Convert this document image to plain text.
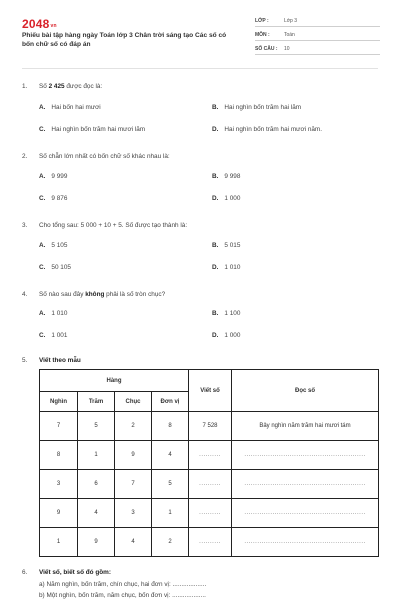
2048vn
Phiếu bài tập hàng ngày Toán lớp 3 Chân trời sáng tạo Các số có bốn chữ số có đáp án
LỚP :	Lớp 3
MÔN :	Toán
SỐ CÂU : 10
1. Số 2 425 được đọc là:
A. Hai bốn hai mươi	B. Hai nghìn bốn trăm hai lăm
C. Hai nghìn bốn trăm hai mươi lăm	D. Hai nghìn bốn trăm hai mươi năm.
2. Số chẵn lớn nhất có bốn chữ số khác nhau là:
A. 9 999	B. 9 998
C. 9 876	D. 1 000
3. Cho tổng sau: 5 000 + 10 + 5. Số được tạo thành là:
A. 5 105	B. 5 015
C. 50 105	D. 1 010
4. Số nào sau đây không phải là số tròn chục?
A. 1 010	B. 1 100
C. 1 001	D. 1 000
5. Viết theo mẫu
Hàng				Viết số	Đọc số
Nghìn	Trăm	Chục	Đơn vị		
7	5	2	8	7 528	Bảy nghìn năm trăm hai mươi tám
8	1	9	4	..........	........................................................
3	6	7	5	..........	........................................................
9	4	3	1	..........	........................................................
1	9	4	2	..........	........................................................
6. Viết số, biết số đó gồm:
a) Năm nghìn, bốn trăm, chín chục, hai đơn vị: ...................
b) Một nghìn, bốn trăm, năm chục, bốn đơn vị: ...................
